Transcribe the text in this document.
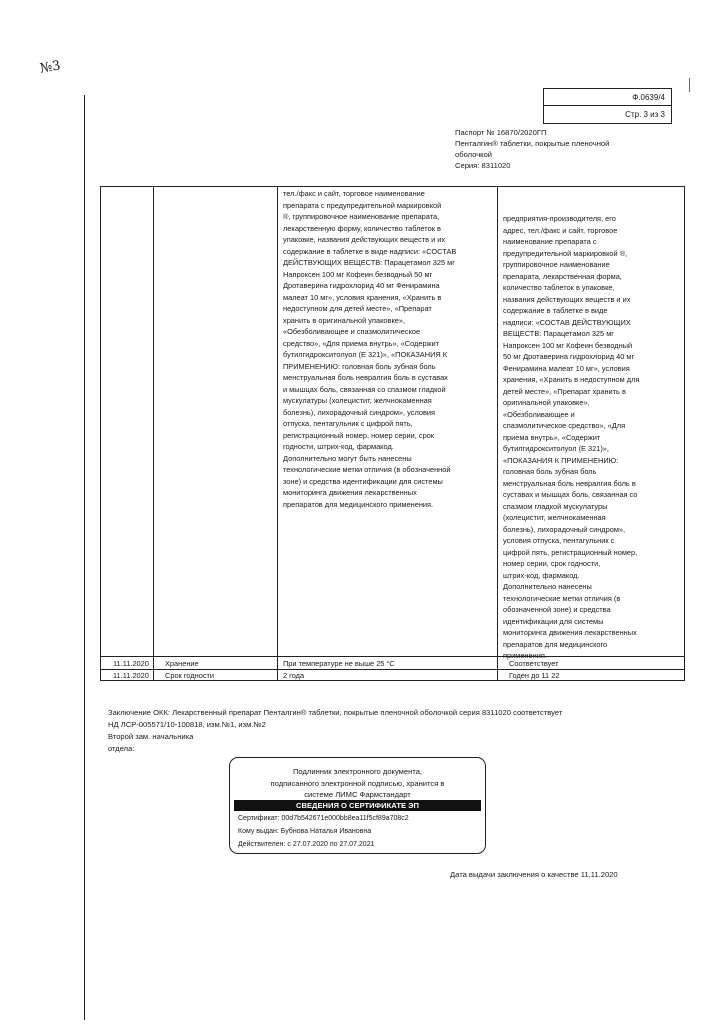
№3
Ф.0639/4
Стр. 3 из 3
Паспорт № 16870/2020ГП
Пенталгин® таблетки, покрытые пленочной
оболочкой
Серия: 8311020
тел./факс и сайт, торговое наименование
препарата с предупредительной маркировкой
®, группировочное наименование препарата,
лекарственную форму, количество таблеток в
упаковке, названия действующих веществ и их
содержание в таблетке в виде надписи: «СОСТАВ
ДЕЙСТВУЮЩИХ ВЕЩЕСТВ: Парацетамол 325 мг
Напроксен 100 мг Кофеин безводный 50 мг
Дротаверина гидрохлорид 40 мг Фенирамина
малеат 10 мг», условия хранения, «Хранить в
недоступном для детей месте», «Препарат
хранить в оригинальной упаковке»,
«Обезболивающее и спазмолитическое
средство», «Для приема внутрь», «Содержит
бутилгидрокситолуол (Е 321)», «ПОКАЗАНИЯ К
ПРИМЕНЕНИЮ: головная боль зубная боль
менструальная боль невралгия боль в суставах
и мышцах боль, связанная со спазмом гладкой
мускулатуры (холецистит, желчнокаменная
болезнь), лихорадочный синдром», условия
отпуска, пентагульник с цифрой пять,
регистрационный номер, номер серии, срок
годности, штрих-код, фармакод.
Дополнительно могут быть нанесены
технологические метки отличия (в обозначенной
зоне) и средства идентификации для системы
мониторинга движения лекарственных
препаратов для медицинского применения.
предприятия-производителя, его
адрес, тел./факс и сайт, торговое
наименование препарата с
предупредительной маркировкой ®,
группировочное наименование
препарата, лекарственная форма,
количество таблеток в упаковке,
названия действующих веществ и их
содержание в таблетке в виде
надписи: «СОСТАВ ДЕЙСТВУЮЩИХ
ВЕЩЕСТВ: Парацетамол 325 мг
Напроксен 100 мг Кофеин безводный
50 мг Дротаверина гидрохлорид 40 мг
Фенирамина малеат 10 мг», условия
хранения, «Хранить в недоступном для
детей месте», «Препарат хранить в
оригинальной упаковке»,
«Обезболивающее и
спазмолитическое средство», «Для
приема внутрь», «Содержит
бутилгидрокситолуол (Е 321)»,
«ПОКАЗАНИЯ К ПРИМЕНЕНИЮ:
головная боль зубная боль
менструальная боль невралгия боль в
суставах и мышцах боль, связанная со
спазмом гладкой мускулатуры
(холецистит, желчнокаменная
болезнь), лихорадочный синдром»,
условия отпуска, пентагульник с
цифрой пять, регистрационный номер,
номер серии, срок годности,
штрих-код, фармакод.
Дополнительно нанесены
технологические метки отличия (в
обозначенной зоне) и средства
идентификации для системы
мониторинга движения лекарственных
препаратов для медицинского
применения.
11.11.2020 Хранение	При температуре не выше 25 °С	Соответствует
11.11.2020 Срок годности	2 года	Годен до 11 22
Заключение ОКК: Лекарственный препарат Пенталгин® таблетки, покрытые пленочной оболочкой серия 8311020 соответствует
НД ЛСР-005571/10-100818, изм.№1, изм.№2
Второй зам. начальника
отдела:
Подлинник электронного документа,
подписанного электронной подписью, хранится в
системе ЛИМС Фармстандарт
СВЕДЕНИЯ О СЕРТИФИКАТЕ ЭП
Сертификат: 00d7b542671e000bb8ea11f5cf89a708c2
Кому выдан: Бубнова Наталья Ивановна
Действителен: с 27.07.2020 по 27.07.2021
Дата выдачи заключения о качестве 11.11.2020
